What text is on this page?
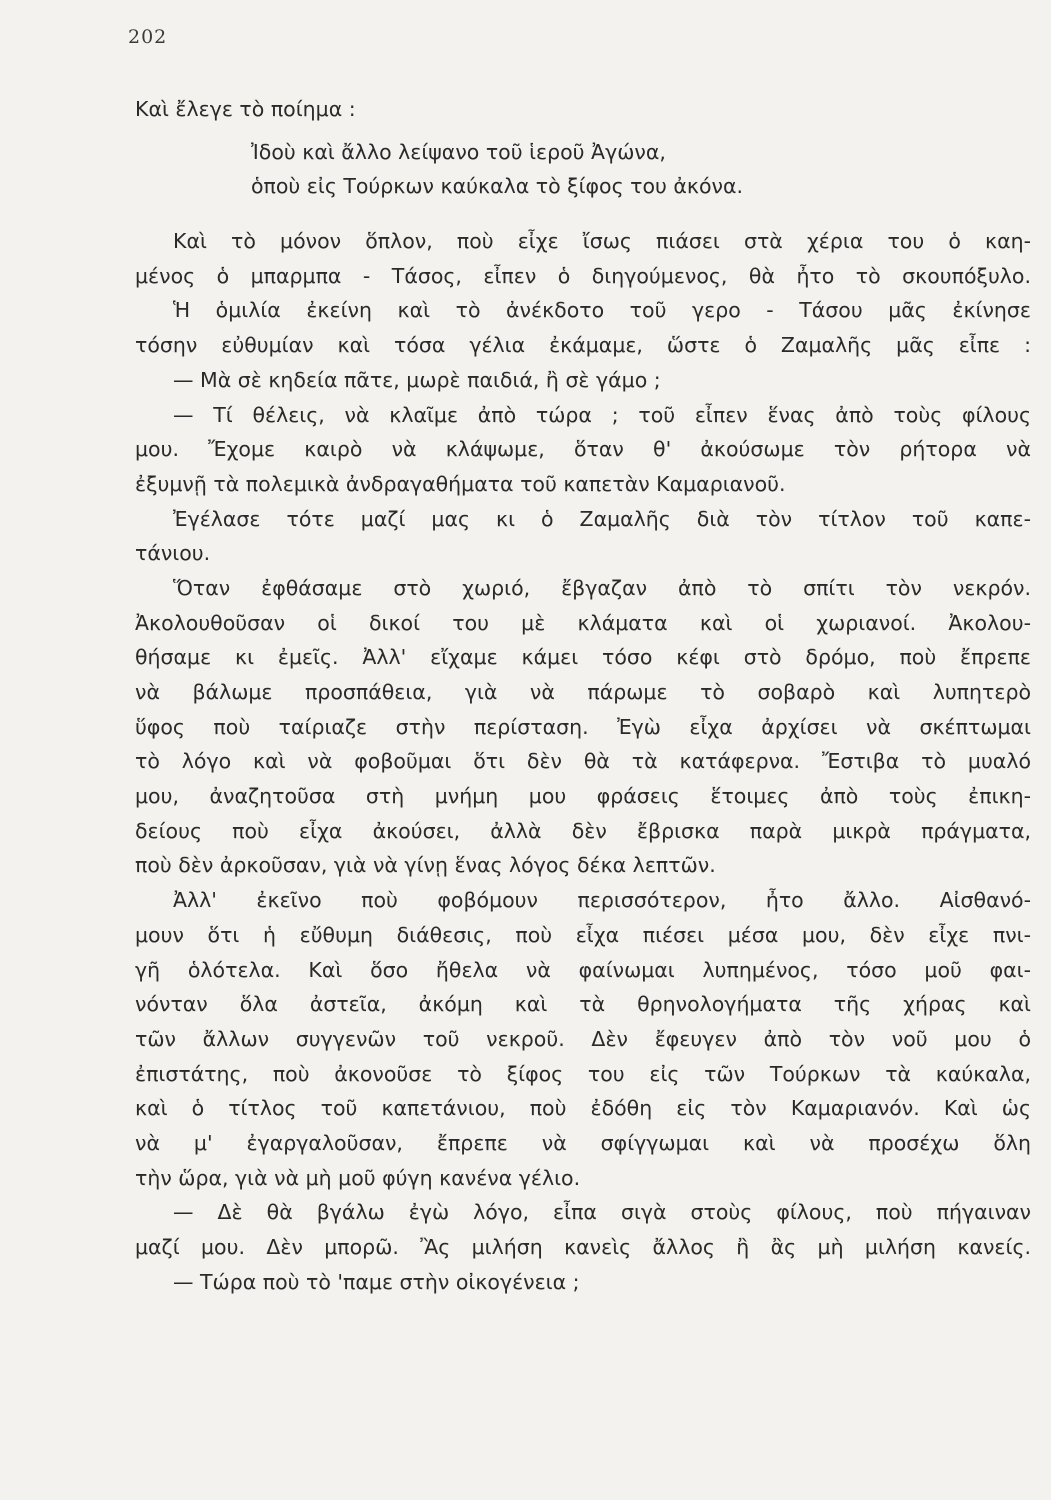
202
Καὶ ἔλεγε τὸ ποίημα :
Ἰδοὺ καὶ ἄλλο λείψανο τοῦ ἱεροῦ Ἀγώνα,
ὁποὺ εἰς Τούρκων καύκαλα τὸ ξίφος του ἀκόνα.
Καὶ τὸ μόνον ὅπλον, ποὺ εἶχε ἴσως πιάσει στὰ χέρια του ὁ καη-
μένος ὁ μπαρμπα - Τάσος, εἶπεν ὁ διηγούμενος, θὰ ἦτο τὸ σκουπόξυλο.
Ἡ ὁμιλία ἐκείνη καὶ τὸ ἀνέκδοτο τοῦ γερο - Τάσου μᾶς ἐκίνησε
τόσην εὐθυμίαν καὶ τόσα γέλια ἐκάμαμε, ὥστε ὁ Ζαμαλῆς μᾶς εἶπε :
— Μὰ σὲ κηδεία πᾶτε, μωρὲ παιδιά, ἢ σὲ γάμο ;
— Τί θέλεις, νὰ κλαῖμε ἀπὸ τώρα ; τοῦ εἶπεν ἕνας ἀπὸ τοὺς φίλους
μου. Ἔχομε καιρὸ νὰ κλάψωμε, ὅταν θ' ἀκούσωμε τὸν ρήτορα νὰ
ἐξυμνῇ τὰ πολεμικὰ ἀνδραγαθήματα τοῦ καπετὰν Καμαριανοῦ.
Ἐγέλασε τότε μαζί μας κι ὁ Ζαμαλῆς διὰ τὸν τίτλον τοῦ καπε-
τάνιου.
Ὅταν ἐφθάσαμε στὸ χωριό, ἔβγαζαν ἀπὸ τὸ σπίτι τὸν νεκρόν.
Ἀκολουθοῦσαν οἱ δικοί του μὲ κλάματα καὶ οἱ χωριανοί. Ἀκολου-
θήσαμε κι ἐμεῖς. Ἀλλ' εἴχαμε κάμει τόσο κέφι στὸ δρόμο, ποὺ ἔπρεπε
νὰ βάλωμε προσπάθεια, γιὰ νὰ πάρωμε τὸ σοβαρὸ καὶ λυπητερὸ
ὕφος ποὺ ταίριαζε στὴν περίσταση. Ἐγὼ εἶχα ἀρχίσει νὰ σκέπτωμαι
τὸ λόγο καὶ νὰ φοβοῦμαι ὅτι δὲν θὰ τὰ κατάφερνα. Ἔστιβα τὸ μυαλό
μου, ἀναζητοῦσα στὴ μνήμη μου φράσεις ἕτοιμες ἀπὸ τοὺς ἐπικη-
δείους ποὺ εἶχα ἀκούσει, ἀλλὰ δὲν ἔβρισκα παρὰ μικρὰ πράγματα,
ποὺ δὲν ἀρκοῦσαν, γιὰ νὰ γίνῃ ἕνας λόγος δέκα λεπτῶν.
Ἀλλ' ἐκεῖνο ποὺ φοβόμουν περισσότερον, ἦτο ἄλλο. Αἰσθανό-
μουν ὅτι ἡ εὔθυμη διάθεσις, ποὺ εἶχα πιέσει μέσα μου, δὲν εἶχε πνι-
γῆ ὁλότελα. Καὶ ὅσο ἤθελα νὰ φαίνωμαι λυπημένος, τόσο μοῦ φαι-
νόνταν ὅλα ἀστεῖα, ἀκόμη καὶ τὰ θρηνολογήματα τῆς χήρας καὶ
τῶν ἄλλων συγγενῶν τοῦ νεκροῦ. Δὲν ἔφευγεν ἀπὸ τὸν νοῦ μου ὁ
ἐπιστάτης, ποὺ ἀκονοῦσε τὸ ξίφος του εἰς τῶν Τούρκων τὰ καύκαλα,
καὶ ὁ τίτλος τοῦ καπετάνιου, ποὺ ἐδόθη εἰς τὸν Καμαριανόν. Καὶ ὡς
νὰ μ' ἐγαργαλοῦσαν, ἔπρεπε νὰ σφίγγωμαι καὶ νὰ προσέχω ὅλη
τὴν ὥρα, γιὰ νὰ μὴ μοῦ φύγη κανένα γέλιο.
— Δὲ θὰ βγάλω ἐγὼ λόγο, εἶπα σιγὰ στοὺς φίλους, ποὺ πήγαιναν
μαζί μου. Δὲν μπορῶ. Ἂς μιλήση κανεὶς ἄλλος ἢ ἂς μὴ μιλήση κανείς.
— Τώρα ποὺ τὸ 'παμε στὴν οἰκογένεια ;
